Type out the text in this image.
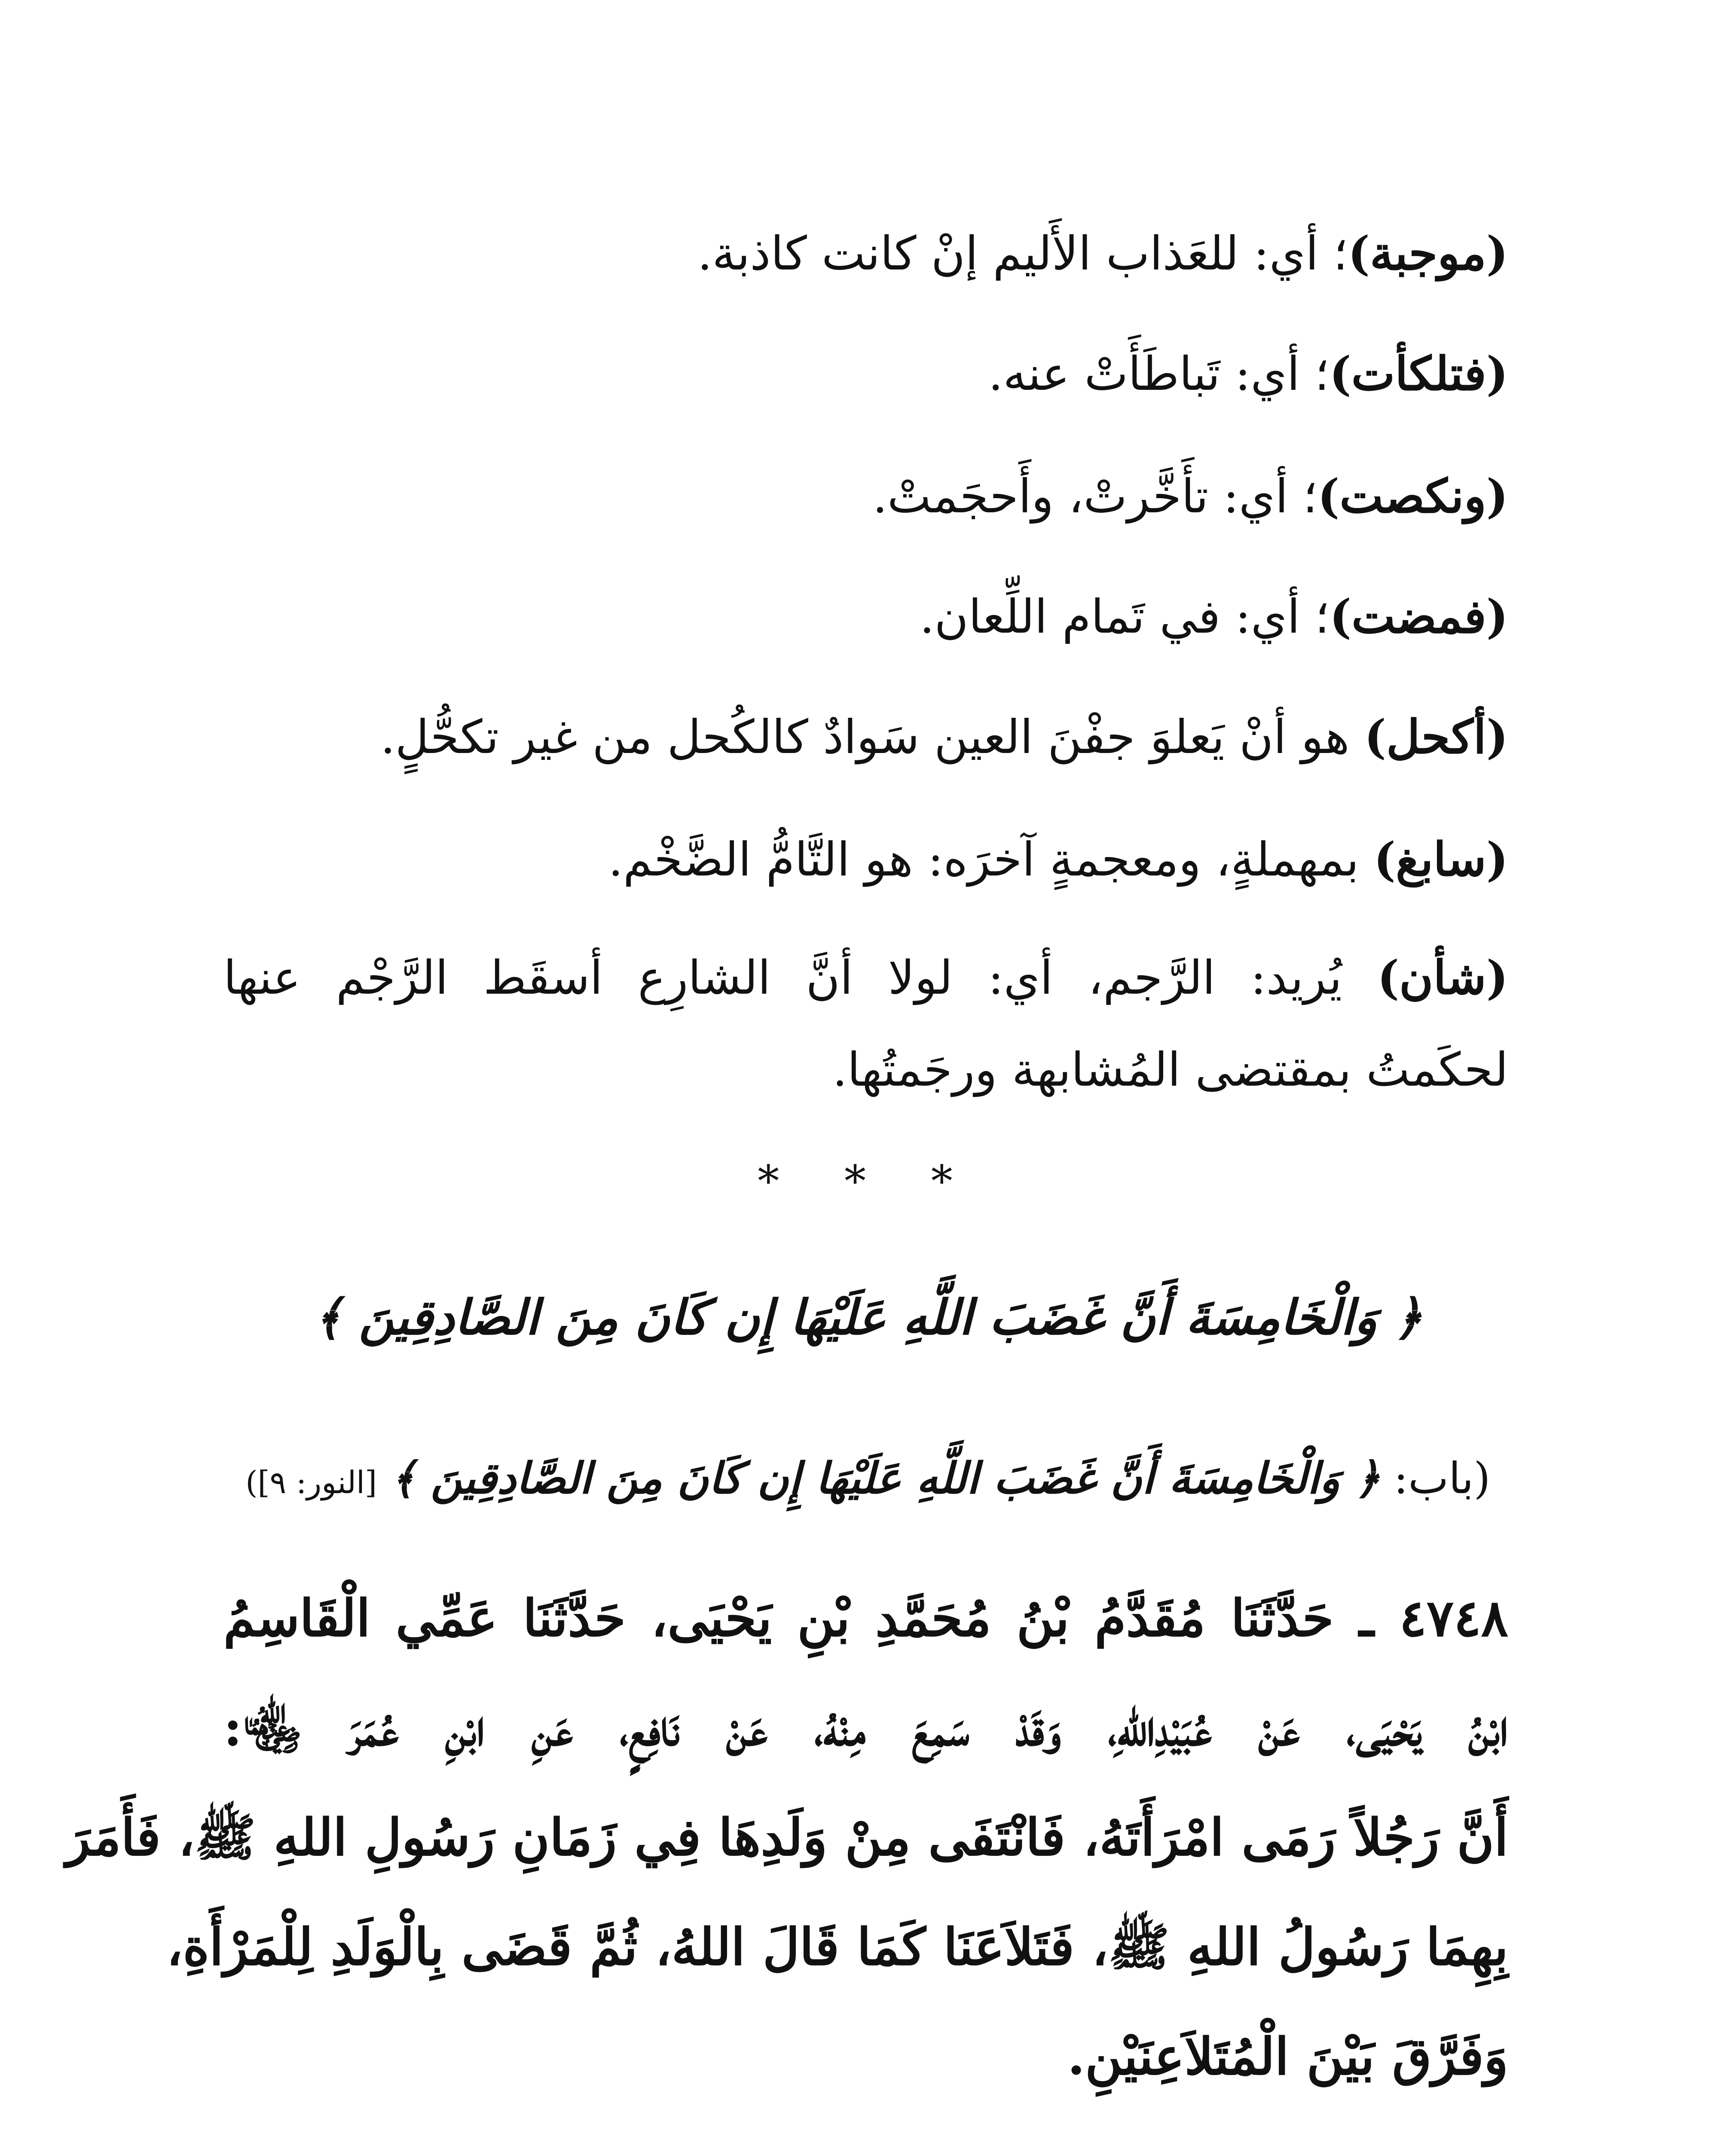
(موجبة)؛ أي: للعَذاب الأَليم إنْ كانت كاذبة.
(فتلكأت)؛ أي: تَباطَأَتْ عنه.
(ونكصت)؛ أي: تأَخَّرتْ، وأَحجَمتْ.
(فمضت)؛ أي: في تَمام اللِّعان.
(أكحل) هو أنْ يَعلوَ جفْنَ العين سَوادٌ كالكُحل من غير تكحُّلٍ.
(سابغ) بمهملةٍ، ومعجمةٍ آخرَه: هو التَّامُّ الضَّخْم.
(شأن) يُريد: الرَّجم، أي: لولا أنَّ الشارِع أسقَط الرَّجْم عنها
لحكَمتُ بمقتضى المُشابهة ورجَمتُها.
* * *
﴿ وَالْخَامِسَةَ أَنَّ غَضَبَ اللَّهِ عَلَيْهَا إِن كَانَ مِنَ الصَّادِقِينَ ﴾
(باب: ﴿ وَالْخَامِسَةَ أَنَّ غَضَبَ اللَّهِ عَلَيْهَا إِن كَانَ مِنَ الصَّادِقِينَ ﴾ [النور: ٩])
٤٧٤٨ ـ حَدَّثَنَا مُقَدَّمُ بْنُ مُحَمَّدِ بْنِ يَحْيَى، حَدَّثَنَا عَمِّي الْقَاسِمُ
ابْنُ يَحْيَى، عَنْ عُبَيْدِاللهِ، وَقَدْ سَمِعَ مِنْهُ، عَنْ نَافِعٍ، عَنِ ابْنِ عُمَرَ ﵄:
أَنَّ رَجُلاً رَمَى امْرَأَتَهُ، فَانْتَفَى مِنْ وَلَدِهَا فِي زَمَانِ رَسُولِ اللهِ ﷺ، فَأَمَرَ
بِهِمَا رَسُولُ اللهِ ﷺ، فَتَلاَعَنَا كَمَا قَالَ اللهُ، ثُمَّ قَضَى بِالْوَلَدِ لِلْمَرْأَةِ،
وَفَرَّقَ بَيْنَ الْمُتَلاَعِنَيْنِ.
